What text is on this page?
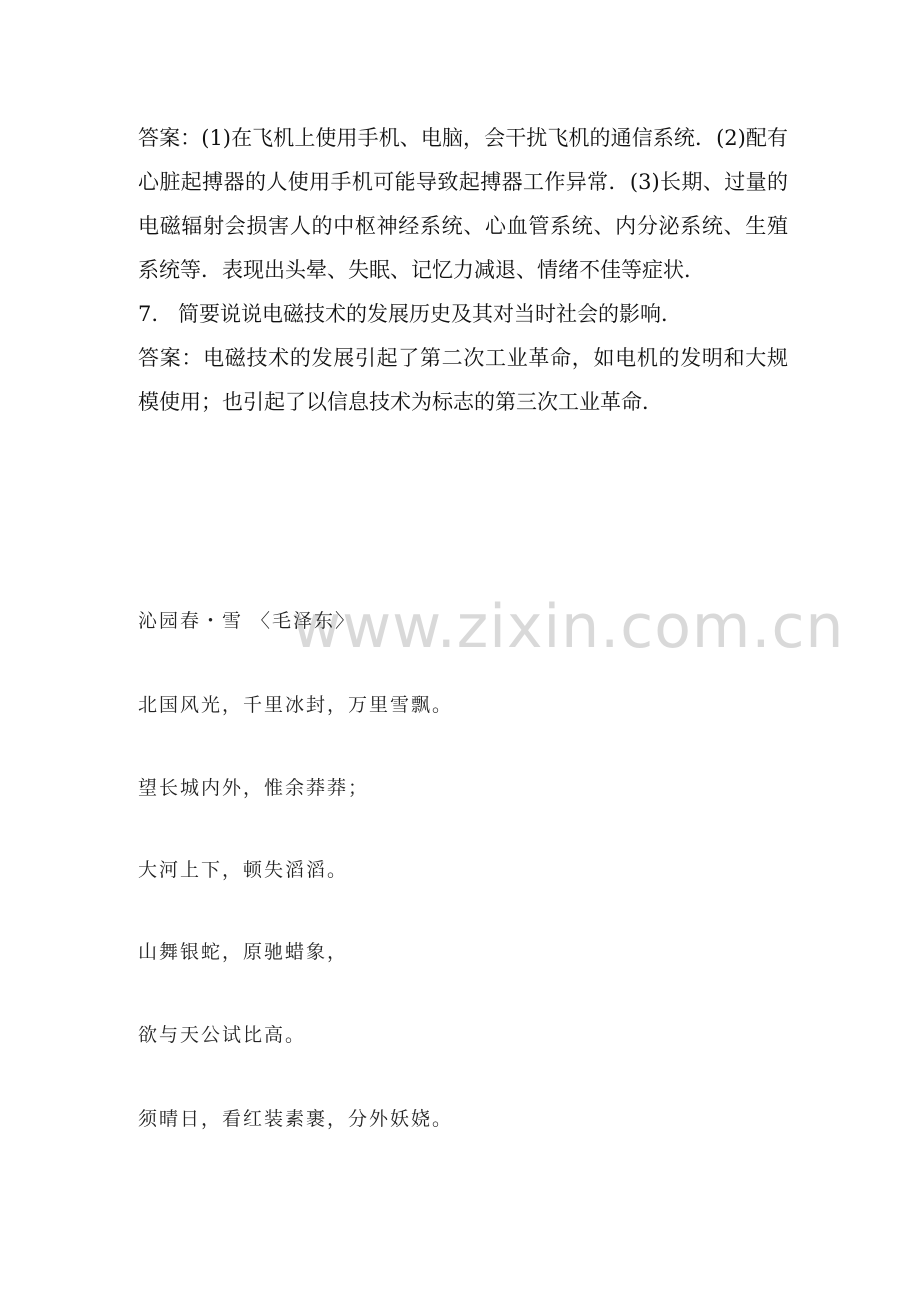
答案：(1)在飞机上使用手机、电脑，会干扰飞机的通信系统．(2)配有心脏起搏器的人使用手机可能导致起搏器工作异常．(3)长期、过量的电磁辐射会损害人的中枢神经系统、心血管系统、内分泌系统、生殖系统等．表现出头晕、失眠、记忆力减退、情绪不佳等症状．

7. 简要说说电磁技术的发展历史及其对当时社会的影响．

答案：电磁技术的发展引起了第二次工业革命，如电机的发明和大规模使用；也引起了以信息技术为标志的第三次工业革命．

www.zixin.com.cn
沁园春・雪 〈毛泽东〉
北国风光，千里冰封，万里雪飘。
望长城内外，惟余莽莽；
大河上下，顿失滔滔。
山舞银蛇，原驰蜡象，
欲与天公试比高。
须晴日，看红装素裹，分外妖娆。
